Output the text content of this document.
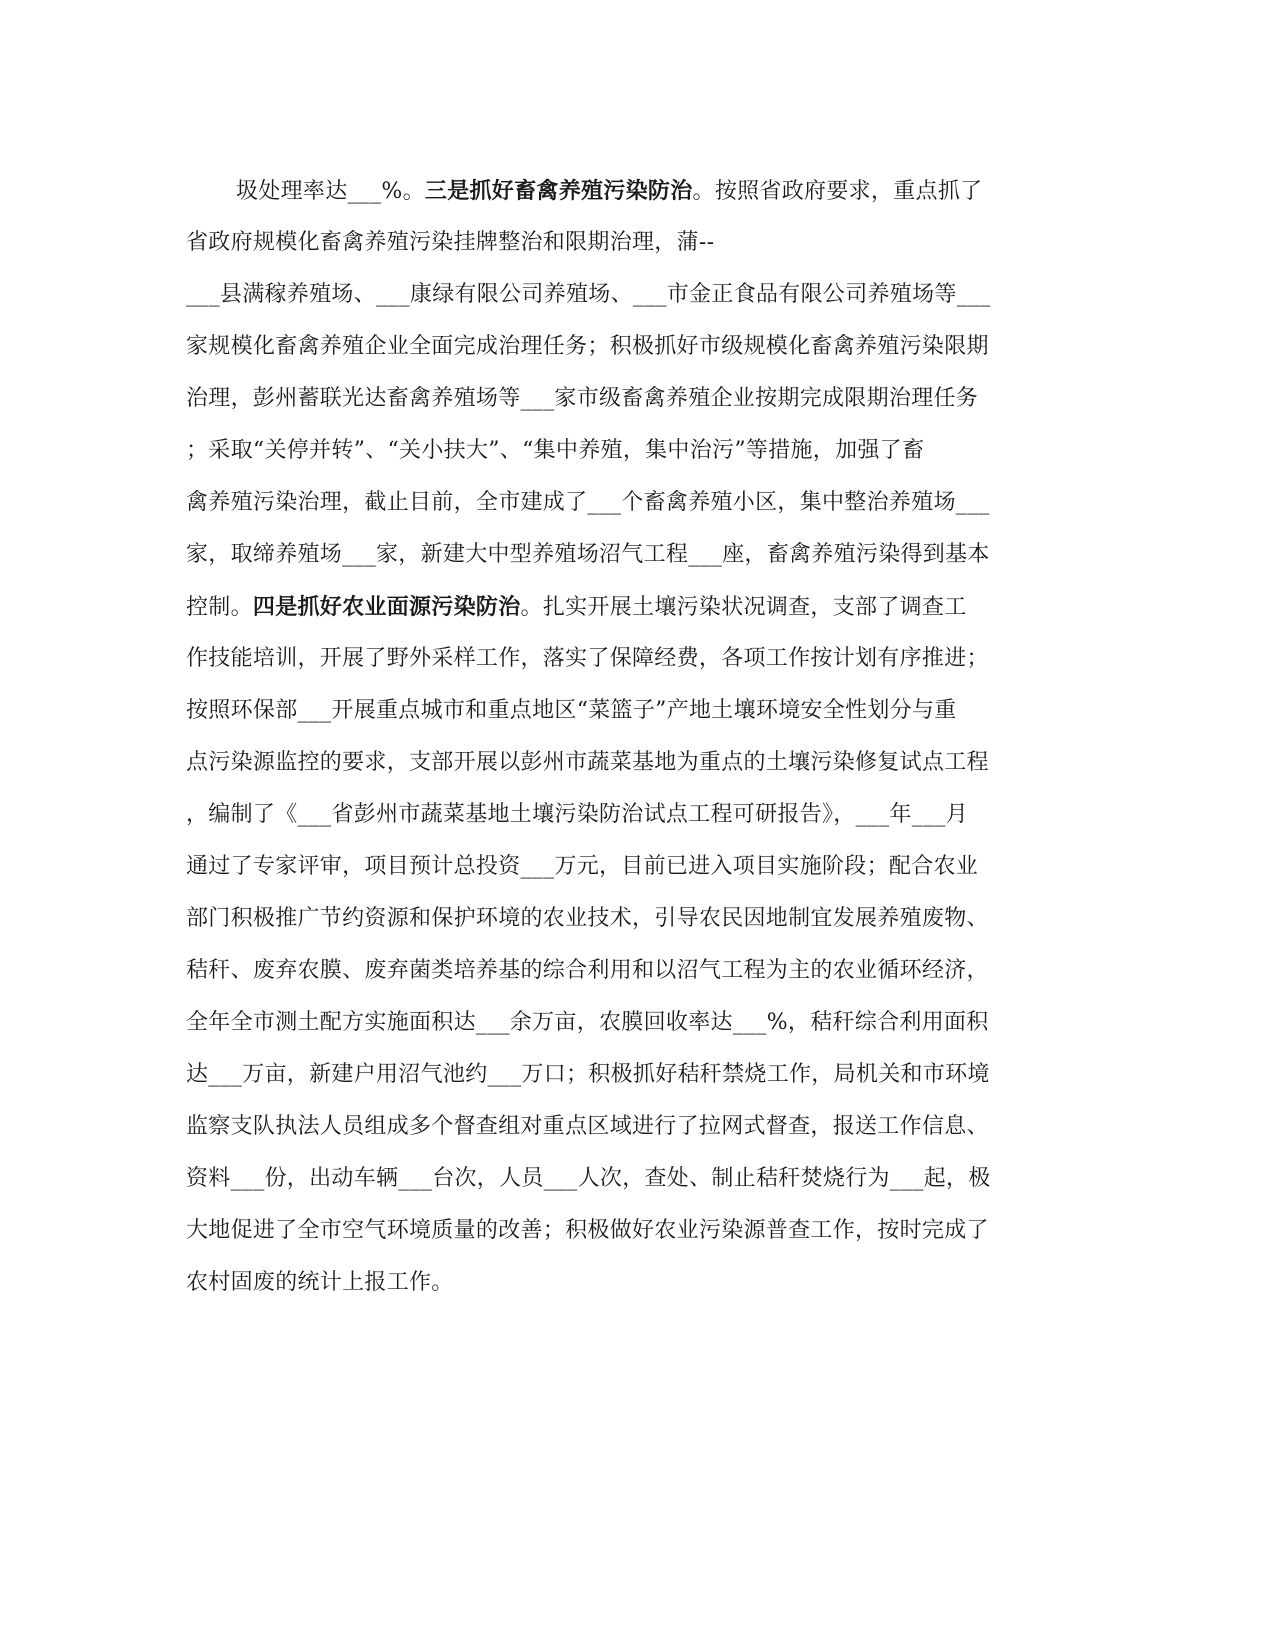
圾处理率达___%。三是抓好畜禽养殖污染防治。按照省政府要求，重点抓了
省政府规模化畜禽养殖污染挂牌整治和限期治理，蒲--
___县满稼养殖场、___康绿有限公司养殖场、___市金正食品有限公司养殖场等___
家规模化畜禽养殖企业全面完成治理任务；积极抓好市级规模化畜禽养殖污染限期
治理，彭州蓄联光达畜禽养殖场等___家市级畜禽养殖企业按期完成限期治理任务
；采取“关停并转”、“关小扶大”、“集中养殖，集中治污”等措施，加强了畜
禽养殖污染治理，截止目前，全市建成了___个畜禽养殖小区，集中整治养殖场___
家，取缔养殖场___家，新建大中型养殖场沼气工程___座，畜禽养殖污染得到基本
控制。四是抓好农业面源污染防治。扎实开展土壤污染状况调查，支部了调查工
作技能培训，开展了野外采样工作，落实了保障经费，各项工作按计划有序推进；
按照环保部___开展重点城市和重点地区“菜篮子”产地土壤环境安全性划分与重
点污染源监控的要求，支部开展以彭州市蔬菜基地为重点的土壤污染修复试点工程
，编制了《___省彭州市蔬菜基地土壤污染防治试点工程可研报告》，___年___月
通过了专家评审，项目预计总投资___万元，目前已进入项目实施阶段；配合农业
部门积极推广节约资源和保护环境的农业技术，引导农民因地制宜发展养殖废物、
秸秆、废弃农膜、废弃菌类培养基的综合利用和以沼气工程为主的农业循环经济，
全年全市测土配方实施面积达___余万亩，农膜回收率达___%，秸秆综合利用面积
达___万亩，新建户用沼气池约___万口；积极抓好秸秆禁烧工作，局机关和市环境
监察支队执法人员组成多个督查组对重点区域进行了拉网式督查，报送工作信息、
资料___份，出动车辆___台次，人员___人次，查处、制止秸秆焚烧行为___起，极
大地促进了全市空气环境质量的改善；积极做好农业污染源普查工作，按时完成了
农村固废的统计上报工作。
